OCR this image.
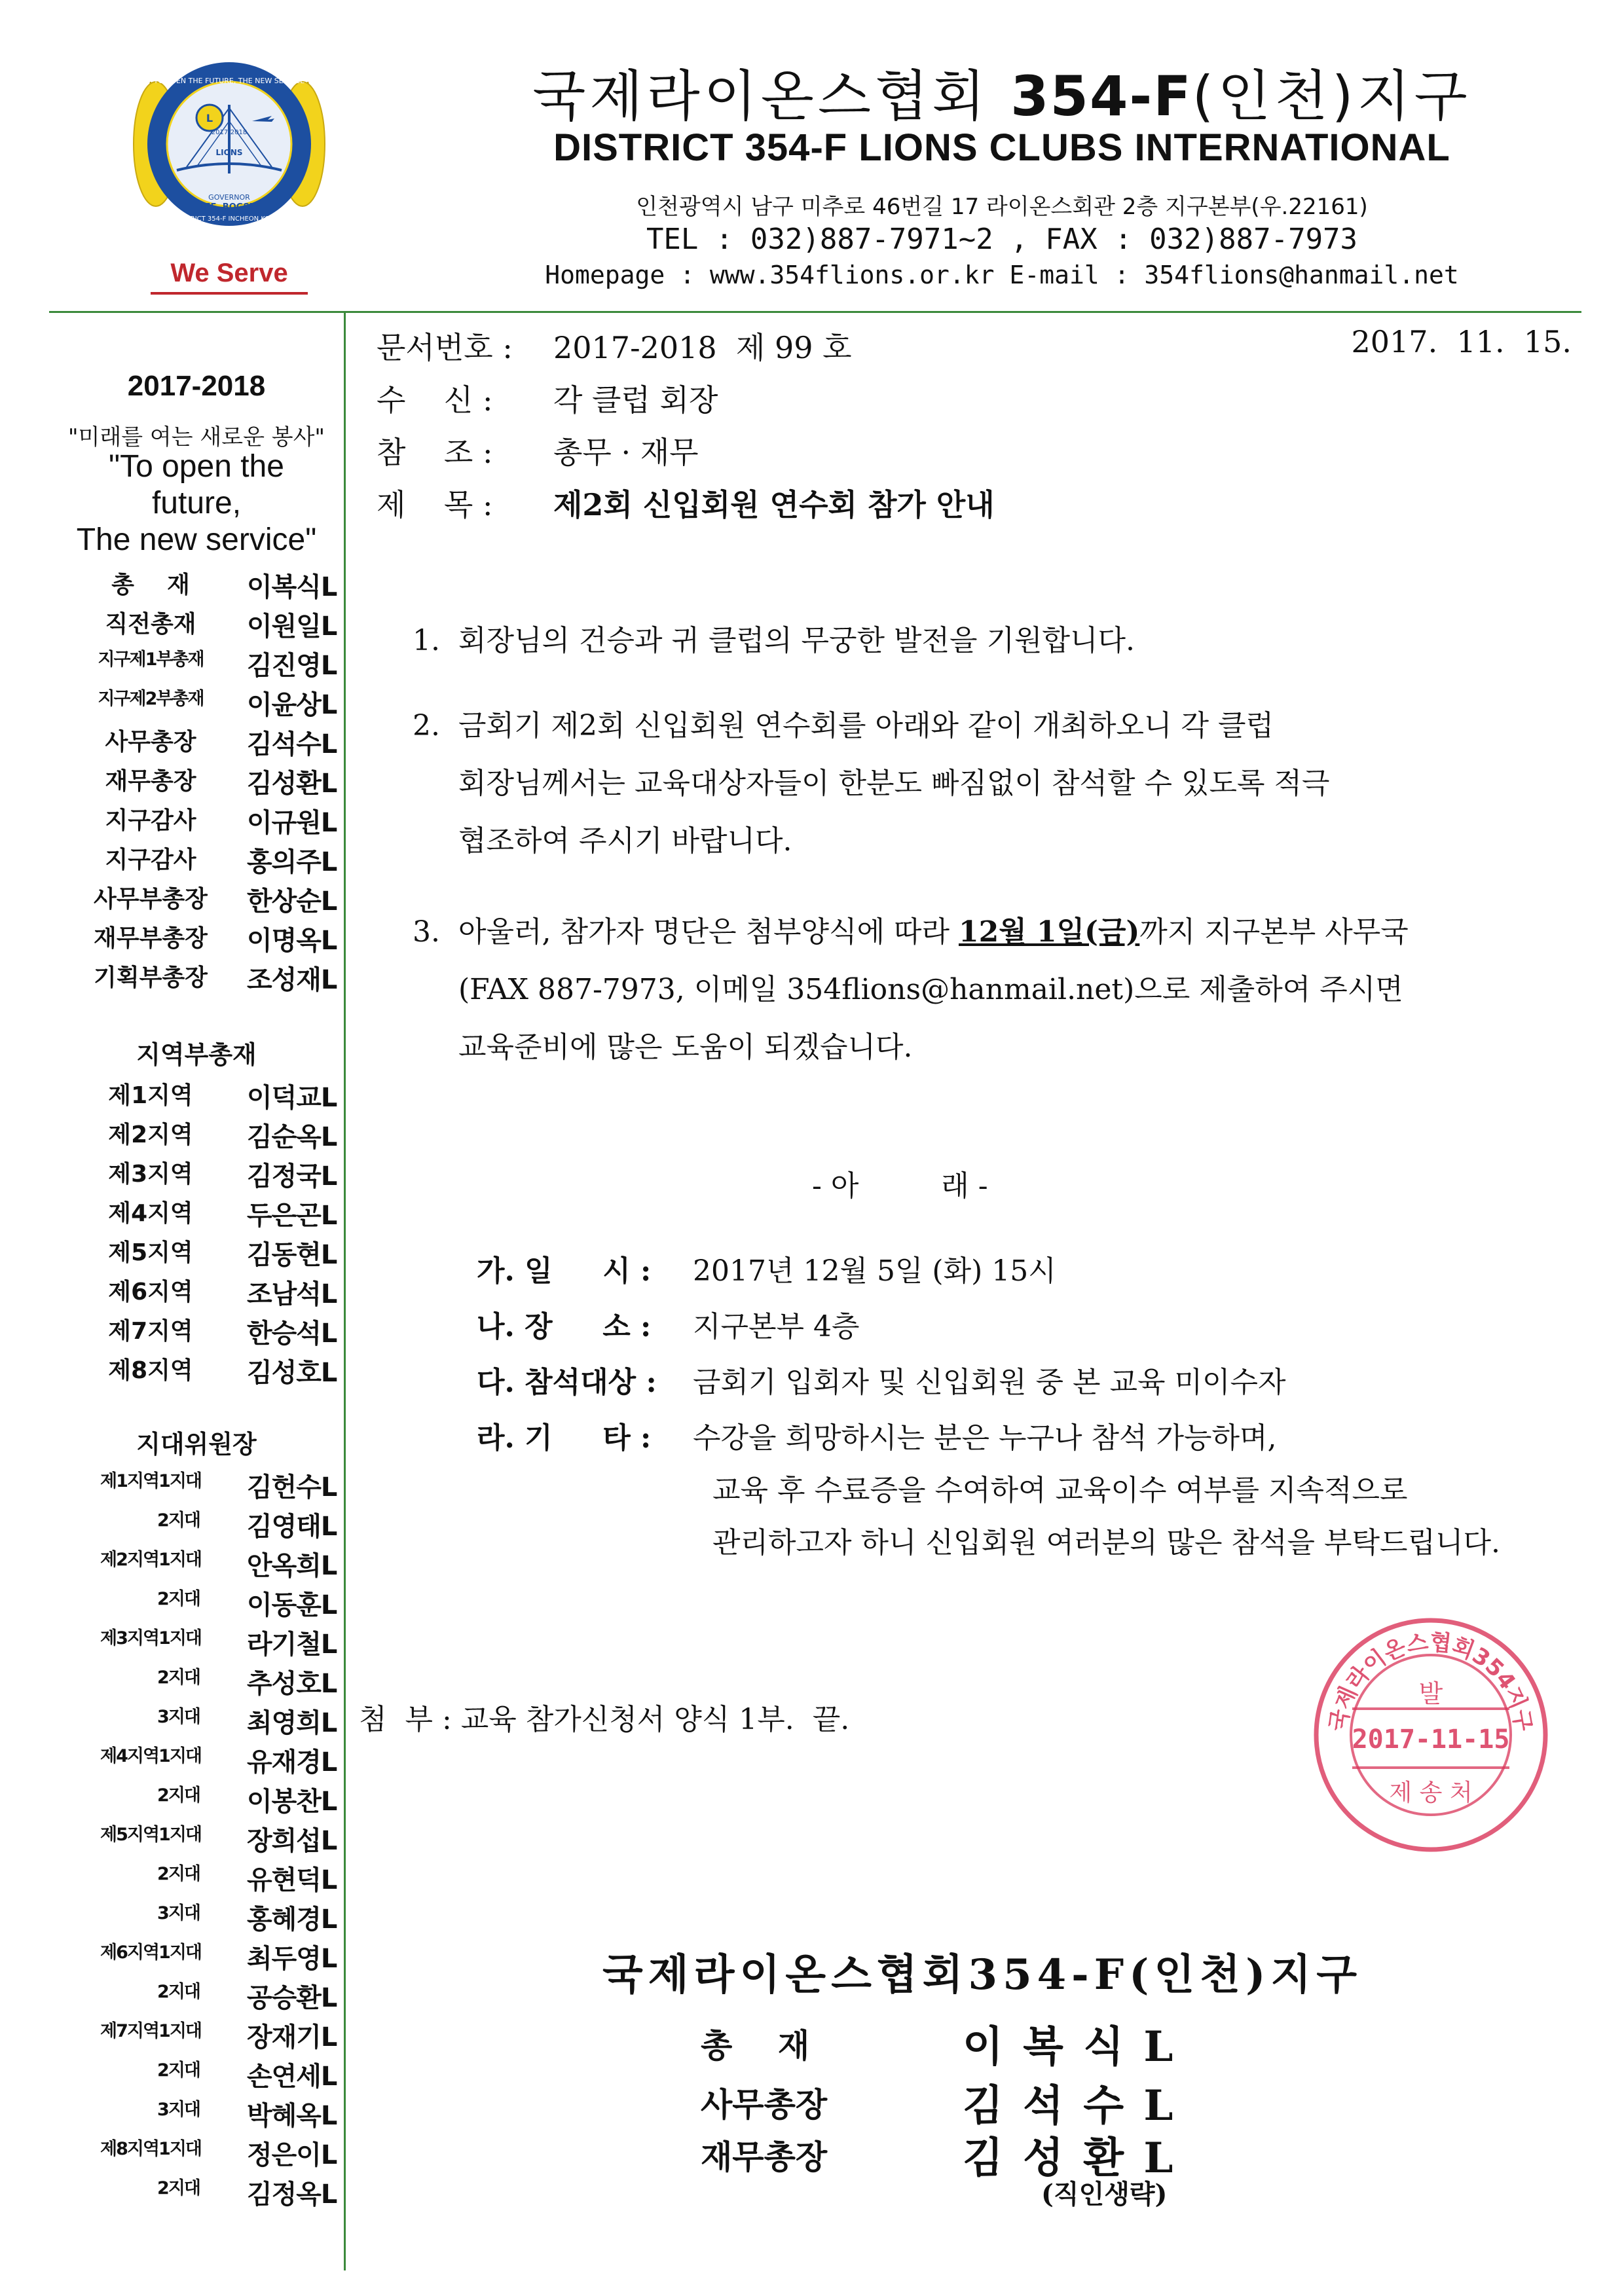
L
GOVERNOR
LEE, BOGSIK
2017-2018
TO OPEN THE FUTURE, THE NEW SERVICE
DISTRICT 354-F INCHEON KOREA
LIONS
We Serve
국제라이온스협회 354-F(인천)지구
DISTRICT 354-F LIONS CLUBS INTERNATIONAL
인천광역시 남구 미추로 46번길 17 라이온스회관 2층 지구본부(우.22161)
TEL : 032)887-7971~2 , FAX : 032)887-7973
Homepage : www.354flions.or.kr E-mail : 354flions@hanmail.net
2017-2018
"미래를 여는 새로운 봉사"
"To open the future,
The new service"
총    재	이복식L
직전총재	이원일L
지구제1부총재	김진영L
지구제2부총재	이윤상L
사무총장	김석수L
재무총장	김성환L
지구감사	이규원L
지구감사	홍의주L
사무부총장	한상순L
재무부총장	이명옥L
기획부총장	조성재L
지역부총재
제1지역	이덕교L
제2지역	김순옥L
제3지역	김정국L
제4지역	두은곤L
제5지역	김동현L
제6지역	조남석L
제7지역	한승석L
제8지역	김성호L
지대위원장
제1지역1지대	김헌수L
2지대 김영태L
제2지역1지대	안옥희L
2지대 이동훈L
제3지역1지대	라기철L
2지대 추성호L
3지대 최영희L
제4지역1지대	유재경L
2지대 이봉찬L
제5지역1지대	장희섭L
2지대 유현덕L
3지대 홍혜경L
제6지역1지대	최두영L
2지대 공승환L
제7지역1지대	장재기L
2지대 손연세L
3지대 박혜옥L
제8지역1지대	정은이L
2지대 김정옥L
문서번호 : 2017-2018  제 99 호	2017.  11.  15.
수    신 : 각 클럽 회장
참    조 : 총무 · 재무
제    목 : 제2회 신입회원 연수회 참가 안내
1. 회장님의 건승과 귀 클럽의 무궁한 발전을 기원합니다.
2. 금회기 제2회 신입회원 연수회를 아래와 같이 개최하오니 각 클럽
회장님께서는 교육대상자들이 한분도 빠짐없이 참석할 수 있도록 적극
협조하여 주시기 바랍니다.
3. 아울러, 참가자 명단은 첨부양식에 따라 12월 1일(금)까지 지구본부 사무국
(FAX 887-7973, 이메일 354flions@hanmail.net)으로 제출하여 주시면
교육준비에 많은 도움이 되겠습니다.
- 아         래 -
가. 일     시 : 2017년 12월 5일 (화) 15시
나. 장     소 : 지구본부 4층
다. 참석대상 : 금회기 입회자 및 신입회원 중 본 교육 미이수자
라. 기     타 : 수강을 희망하시는 분은 누구나 참석 가능하며,
교육 후 수료증을 수여하여 교육이수 여부를 지속적으로
관리하고자 하니 신입회원 여러분의 많은 참석을 부탁드립니다.
첨  부 : 교육 참가신청서 양식 1부.  끝.	국제라이온스협회354지구
발
2017-11-15
제 송 처
국제라이온스협회354-F(인천)지구
총    재	이 복 식 L
사무총장	김 석 수 L
재무총장	김 성 환 L
(직인생략)
